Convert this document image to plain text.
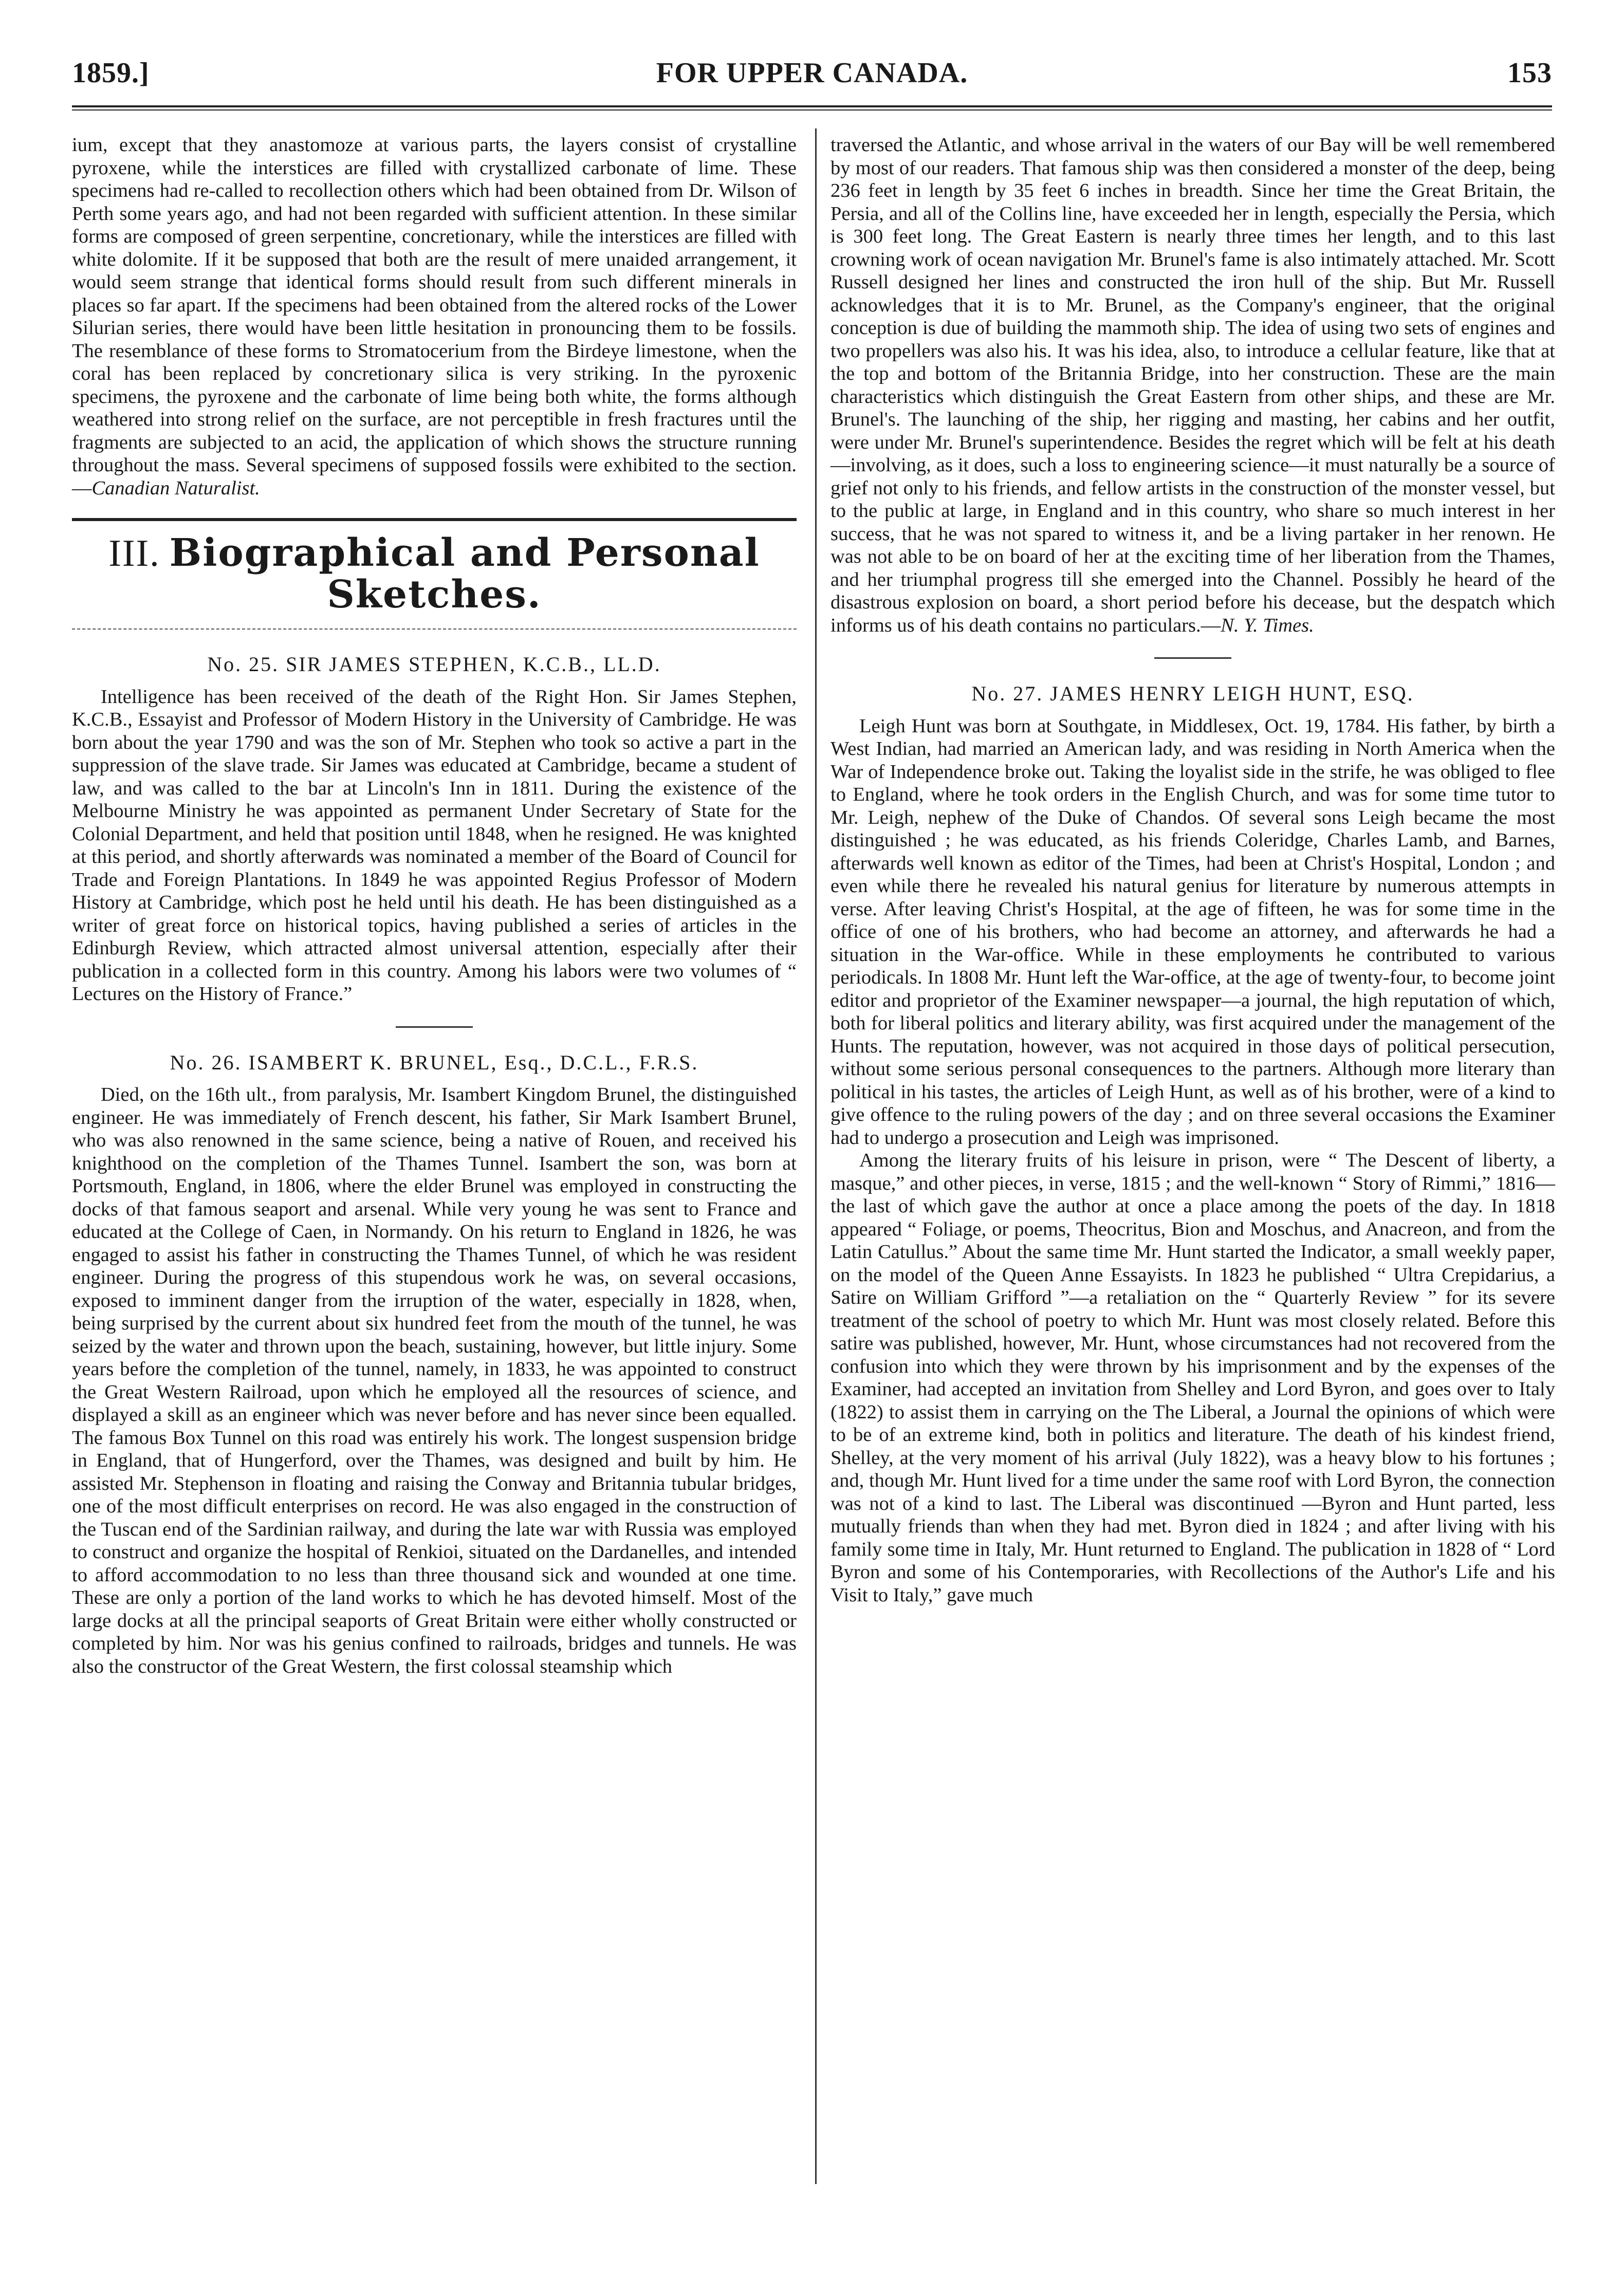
1859.]	FOR UPPER CANADA.	153

ium, except that they anastomoze at various parts, the layers consist of crystalline pyroxene, while the interstices are filled with crystallized carbonate of lime. These specimens had re-called to recollection others which had been obtained from Dr. Wilson of Perth some years ago, and had not been regarded with sufficient attention. In these similar forms are composed of green serpentine, concretionary, while the interstices are filled with white dolomite. If it be supposed that both are the result of mere unaided arrangement, it would seem strange that identical forms should result from such different minerals in places so far apart. If the specimens had been obtained from the altered rocks of the Lower Silurian series, there would have been little hesitation in pronouncing them to be fossils. The resemblance of these forms to Stromatocerium from the Birdeye limestone, when the coral has been replaced by concretionary silica is very striking. In the pyroxenic specimens, the pyroxene and the carbonate of lime being both white, the forms although weathered into strong relief on the surface, are not perceptible in fresh fractures until the fragments are subjected to an acid, the application of which shows the structure running throughout the mass. Several specimens of supposed fossils were exhibited to the section.—Canadian Naturalist.

III. Biographical and Personal Sketches.
No. 25. SIR JAMES STEPHEN, K.C.B., LL.D.

Intelligence has been received of the death of the Right Hon. Sir James Stephen, K.C.B., Essayist and Professor of Modern History in the University of Cambridge. He was born about the year 1790 and was the son of Mr. Stephen who took so active a part in the suppression of the slave trade. Sir James was educated at Cambridge, became a student of law, and was called to the bar at Lincoln's Inn in 1811. During the existence of the Melbourne Ministry he was appointed as permanent Under Secretary of State for the Colonial Department, and held that position until 1848, when he resigned. He was knighted at this period, and shortly afterwards was nominated a member of the Board of Council for Trade and Foreign Plantations. In 1849 he was appointed Regius Professor of Modern History at Cambridge, which post he held until his death. He has been distinguished as a writer of great force on historical topics, having published a series of articles in the Edinburgh Review, which attracted almost universal attention, especially after their publication in a collected form in this country. Among his labors were two volumes of “ Lectures on the History of France.”

No. 26. ISAMBERT K. BRUNEL, Esq., D.C.L., F.R.S.

Died, on the 16th ult., from paralysis, Mr. Isambert Kingdom Brunel, the distinguished engineer. He was immediately of French descent, his father, Sir Mark Isambert Brunel, who was also renowned in the same science, being a native of Rouen, and received his knighthood on the completion of the Thames Tunnel. Isambert the son, was born at Portsmouth, England, in 1806, where the elder Brunel was employed in constructing the docks of that famous seaport and arsenal. While very young he was sent to France and educated at the College of Caen, in Normandy. On his return to England in 1826, he was engaged to assist his father in constructing the Thames Tunnel, of which he was resident engineer. During the progress of this stupendous work he was, on several occasions, exposed to imminent danger from the irruption of the water, especially in 1828, when, being surprised by the current about six hundred feet from the mouth of the tunnel, he was seized by the water and thrown upon the beach, sustaining, however, but little injury. Some years before the completion of the tunnel, namely, in 1833, he was appointed to construct the Great Western Railroad, upon which he employed all the resources of science, and displayed a skill as an engineer which was never before and has never since been equalled. The famous Box Tunnel on this road was entirely his work. The longest suspension bridge in England, that of Hungerford, over the Thames, was designed and built by him. He assisted Mr. Stephenson in floating and raising the Conway and Britannia tubular bridges, one of the most difficult enterprises on record. He was also engaged in the construction of the Tuscan end of the Sardinian railway, and during the late war with Russia was employed to construct and organize the hospital of Renkioi, situated on the Dardanelles, and intended to afford accommodation to no less than three thousand sick and wounded at one time. These are only a portion of the land works to which he has devoted himself. Most of the large docks at all the principal seaports of Great Britain were either wholly constructed or completed by him. Nor was his genius confined to railroads, bridges and tunnels. He was also the constructor of the Great Western, the first colossal steamship which

traversed the Atlantic, and whose arrival in the waters of our Bay will be well remembered by most of our readers. That famous ship was then considered a monster of the deep, being 236 feet in length by 35 feet 6 inches in breadth. Since her time the Great Britain, the Persia, and all of the Collins line, have exceeded her in length, especially the Persia, which is 300 feet long. The Great Eastern is nearly three times her length, and to this last crowning work of ocean navigation Mr. Brunel's fame is also intimately attached. Mr. Scott Russell designed her lines and constructed the iron hull of the ship. But Mr. Russell acknowledges that it is to Mr. Brunel, as the Company's engineer, that the original conception is due of building the mammoth ship. The idea of using two sets of engines and two propellers was also his. It was his idea, also, to introduce a cellular feature, like that at the top and bottom of the Britannia Bridge, into her construction. These are the main characteristics which distinguish the Great Eastern from other ships, and these are Mr. Brunel's. The launching of the ship, her rigging and masting, her cabins and her outfit, were under Mr. Brunel's superintendence. Besides the regret which will be felt at his death—involving, as it does, such a loss to engineering science—it must naturally be a source of grief not only to his friends, and fellow artists in the construction of the monster vessel, but to the public at large, in England and in this country, who share so much interest in her success, that he was not spared to witness it, and be a living partaker in her renown. He was not able to be on board of her at the exciting time of her liberation from the Thames, and her triumphal progress till she emerged into the Channel. Possibly he heard of the disastrous explosion on board, a short period before his decease, but the despatch which informs us of his death contains no particulars.—N. Y. Times.

No. 27. JAMES HENRY LEIGH HUNT, ESQ.

Leigh Hunt was born at Southgate, in Middlesex, Oct. 19, 1784. His father, by birth a West Indian, had married an American lady, and was residing in North America when the War of Independence broke out. Taking the loyalist side in the strife, he was obliged to flee to England, where he took orders in the English Church, and was for some time tutor to Mr. Leigh, nephew of the Duke of Chandos. Of several sons Leigh became the most distinguished ; he was educated, as his friends Coleridge, Charles Lamb, and Barnes, afterwards well known as editor of the Times, had been at Christ's Hospital, London ; and even while there he revealed his natural genius for literature by numerous attempts in verse. After leaving Christ's Hospital, at the age of fifteen, he was for some time in the office of one of his brothers, who had become an attorney, and afterwards he had a situation in the War-office. While in these employments he contributed to various periodicals. In 1808 Mr. Hunt left the War-office, at the age of twenty-four, to become joint editor and proprietor of the Examiner newspaper—a journal, the high reputation of which, both for liberal politics and literary ability, was first acquired under the management of the Hunts. The reputation, however, was not acquired in those days of political persecution, without some serious personal consequences to the partners. Although more literary than political in his tastes, the articles of Leigh Hunt, as well as of his brother, were of a kind to give offence to the ruling powers of the day ; and on three several occasions the Examiner had to undergo a prosecution and Leigh was imprisoned.

Among the literary fruits of his leisure in prison, were “ The Descent of liberty, a masque,” and other pieces, in verse, 1815 ; and the well-known “ Story of Rimmi,” 1816—the last of which gave the author at once a place among the poets of the day. In 1818 appeared “ Foliage, or poems, Theocritus, Bion and Moschus, and Anacreon, and from the Latin Catullus.” About the same time Mr. Hunt started the Indicator, a small weekly paper, on the model of the Queen Anne Essayists. In 1823 he published “ Ultra Crepidarius, a Satire on William Grifford ”—a retaliation on the “ Quarterly Review ” for its severe treatment of the school of poetry to which Mr. Hunt was most closely related. Before this satire was published, however, Mr. Hunt, whose circumstances had not recovered from the confusion into which they were thrown by his imprisonment and by the expenses of the Examiner, had accepted an invitation from Shelley and Lord Byron, and goes over to Italy (1822) to assist them in carrying on the The Liberal, a Journal the opinions of which were to be of an extreme kind, both in politics and literature. The death of his kindest friend, Shelley, at the very moment of his arrival (July 1822), was a heavy blow to his fortunes ; and, though Mr. Hunt lived for a time under the same roof with Lord Byron, the connection was not of a kind to last. The Liberal was discontinued —Byron and Hunt parted, less mutually friends than when they had met. Byron died in 1824 ; and after living with his family some time in Italy, Mr. Hunt returned to England. The publication in 1828 of “ Lord Byron and some of his Contemporaries, with Recollections of the Author's Life and his Visit to Italy,” gave much
